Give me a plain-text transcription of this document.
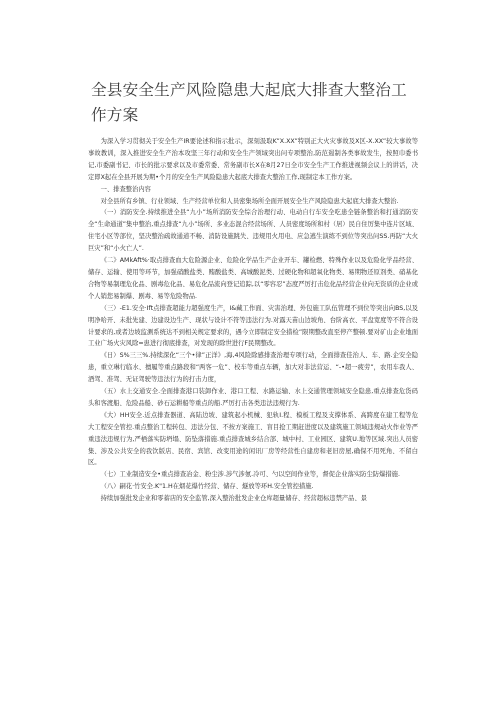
全县安全生产风险隐患大起底大排查大整治工作方案

为深入学习贯彻关于安全生产IR要论述和指示批示，深刻汲取K”X.XX”特别正大火灾事故及X区-X.XX”较大事故等事故教训，深入推进安全生产治本攻坚三年行动和安全生产领域突出问专项整治,防范遏制各类事故发生，按照巾委书记,市委副书记、市长的批示要求以及市委常委、常务副市长X在8月27日全市安全生产工作推进视频会议上的讲话，决定即X起在全县开展为期•个月的安全生产风险隐患大起底大排查大整治工作,现制定本工作方案。

一、排查整治内容

对全县所有乡镇、行业领域、生产经营单位和人员密集场所全面开展安全生产风险隐患大起底大排查大整治.

（一）消防安全.持续推进全县“九小”场所消防安全综合治理行动、电动自行车安全吃患全链条整治和打通消防安全“生命通道”集中整治,重点排查“九小”场所、多业态混合经营场所、人员密度场所和村（居）民自住厉集中连片区域、住宅小区等部位，坚决整治疏故通道不畅、消防设施跳失、违规用火用电、应急逃生演练不到位等突出问SS.再防“大火巨灾”和“小火亡人”.

《二》AMkAft%·取点排查血大危险源企业、危险化学品生产企业开车、罐检燃、特殊作业以及危险化学品经营、储存、运输、使用等环节，加强硝酸盐类、贿酸盐类、高城酸泥类、过硬化物和超氧化物类、易期物还原剂类、硝基化合物等易制理危化品、剧毒危化品、易危化品流向登记追踪,以“零容忍”态度严厉打击危化品经营企业向无资质的企业或个人销您易制爆、剧毒、易等危险物品.

（三）-E1.安全·Ift点排查超能力超强度生产，I&藏工作面、灾害治理、外包施工队伍管理不到位等突出向BS,以及明净哈开、未批先建、边建设边生产、现状与设计不符等违法行为.对露天苗山边坡角、台阶高衣、平盘宽度等不符合设计要求的,或者边坡监测系统达不到相关规定要求的，遇今立即制定安全措检”限期整改直至停产整顿.要对矿山企业地面工业广场火灾风除=患进行彻底排查，对发现的除世进行F民期整改。

《日）S%三三%.持续深化“三个•律”正洋》,海,4风险除感排查治理专项行动，全面排查佳治人、车、路.企安全隐患，重立琳行临水、擅履等重点路段和“两客一危”、校车等重点车辆，加大对非法营运、“-•超一疲劳”，农用车我人、酒驾、准驾、无证驾驶等违法行为的打击力度，

（五）水上交通安全.全面排查港口装卸作业、港口工程、水路运输、水上交通管理领域安全隐患,重点排查危货码头和客渡船、危险品船、砂石运耕船等重点的船.严厉打击各类违法违规行为.

《大）HH安全.近点排查器道、高陆边坡、建筑起小机械、犯轨I.程、模板工程及支撑体系、高跨度在建工程等危大工程安全管控.重点整治工程转包、违法分包、不按方案施工、盲目抢工期赶进度以及建筑施工领域违规动火作业等严重违法违规行为,严栖落实防坍塌、防坠落措施.重点排查城乡结合部、城中村、工业园区、建筑U.地等区域.突出人员密集、涉及公共安全的我饮版店、民宿、宾馆、改变用途的闲讯厂房等经营性自建房和老旧房屋,确保不用死角、不留白区。

（七）工业制造安全•重点排查冶金、粉尘涉.涉气涉氨.冷可、勺以空间作业等，督促企业落实防尘防爆措施.

（八）嗣花·竹安全.K"1.H在烟花爆竹经营、储存、燧放等环H.安全管控措施.

持续加强批发企业和零蓄店的安全监管,深入整治批发企业仓库超量储存、经营超标违禁产品、景
